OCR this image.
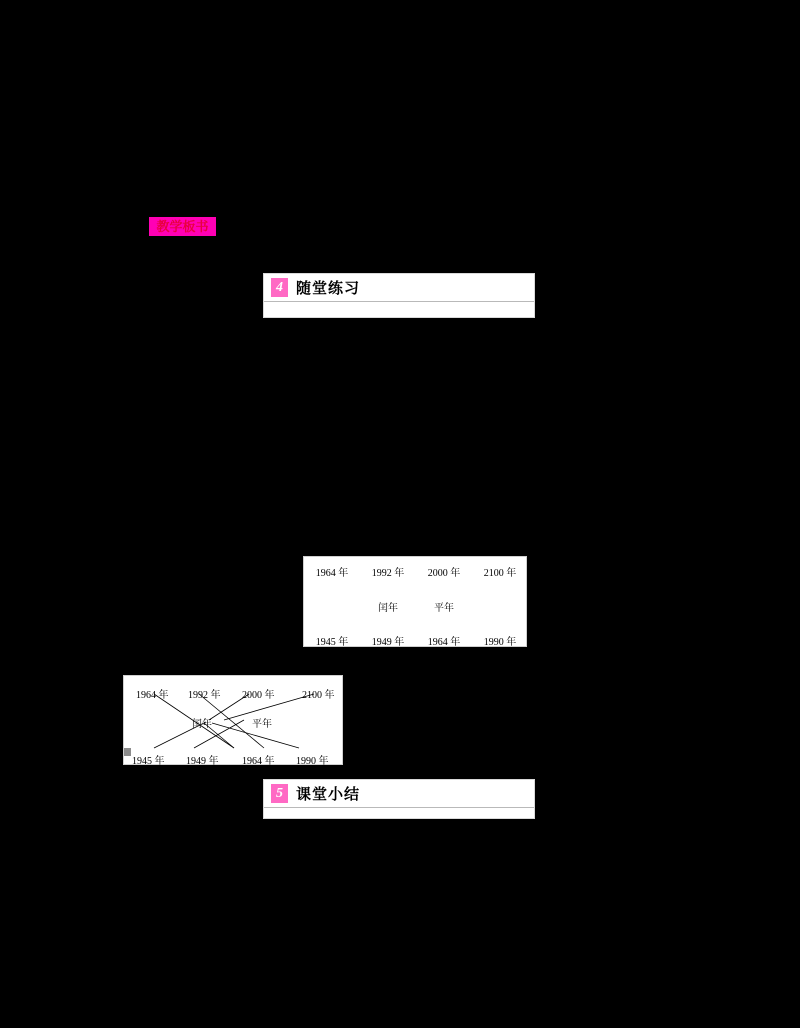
教学板书
4 随堂练习
1964 年	1992 年	2000 年	2100 年
闰年	平年
1945 年	1949 年	1964 年	1990 年
1964 年 1992 年 2000 年	2100 年
闰年	平年
1945 年 1949 年 1964 年 1990 年
5 课堂小结
